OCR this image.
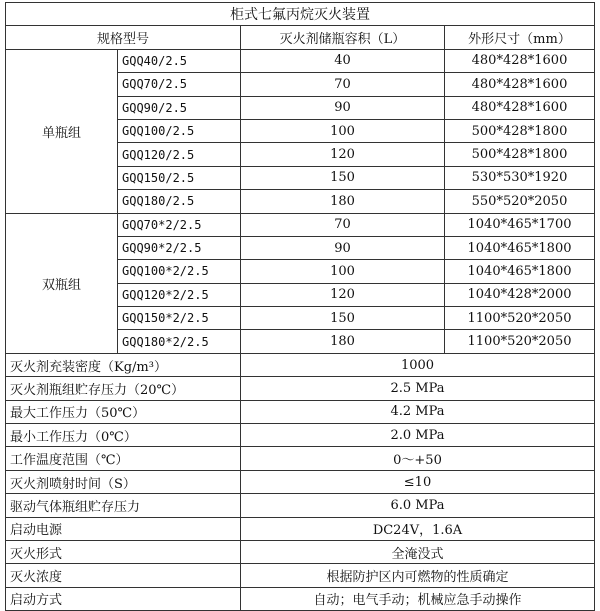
柜式七氟丙烷灭火装置			
规格型号		灭火剂储瓶容积（L）	外形尺寸（mm）
单瓶组	GQQ40/2.5	40	480*428*1600
	GQQ70/2.5	70	480*428*1600
	GQQ90/2.5	90	480*428*1600
	GQQ100/2.5	100	500*428*1800
	GQQ120/2.5	120	500*428*1800
	GQQ150/2.5	150	530*530*1920
	GQQ180/2.5	180	550*520*2050
双瓶组	GQQ70*2/2.5	70	1040*465*1700
	GQQ90*2/2.5	90	1040*465*1800
	GQQ100*2/2.5	100	1040*465*1800
	GQQ120*2/2.5	120	1040*428*2000
	GQQ150*2/2.5	150	1100*520*2050
	GQQ180*2/2.5	180	1100*520*2050
灭火剂充装密度（Kg/m³）		1000	
灭火剂瓶组贮存压力（20℃）		2.5 MPa	
最大工作压力（50℃）		4.2 MPa	
最小工作压力（0℃）		2.0 MPa	
工作温度范围（℃）		0～+50	
灭火剂喷射时间（S）		≤10	
驱动气体瓶组贮存压力		6.0 MPa	
启动电源		DC24V，1.6A	
灭火形式		全淹没式	
灭火浓度		根据防护区内可燃物的性质确定	
启动方式		自动；电气手动；机械应急手动操作	
